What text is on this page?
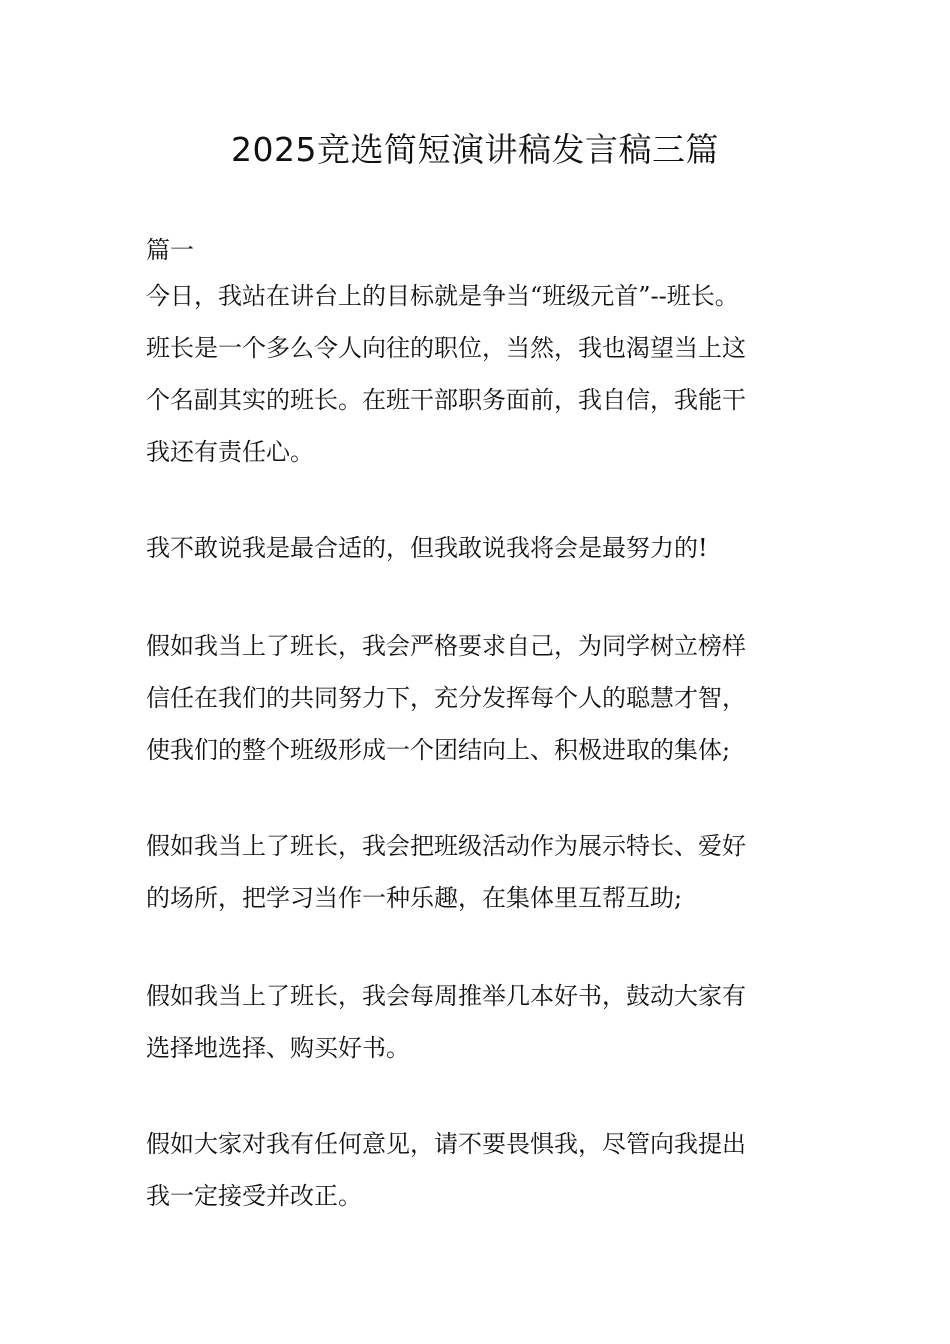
2025竞选简短演讲稿发言稿三篇
篇一
今日，我站在讲台上的目标就是争当“班级元首”--班长。
班长是一个多么令人向往的职位，当然，我也渴望当上这
个名副其实的班长。在班干部职务面前，我自信，我能干
我还有责任心。
我不敢说我是最合适的，但我敢说我将会是最努力的!
假如我当上了班长，我会严格要求自己，为同学树立榜样
信任在我们的共同努力下，充分发挥每个人的聪慧才智，
使我们的整个班级形成一个团结向上、积极进取的集体;
假如我当上了班长，我会把班级活动作为展示特长、爱好
的场所，把学习当作一种乐趣，在集体里互帮互助;
假如我当上了班长，我会每周推举几本好书，鼓动大家有
选择地选择、购买好书。
假如大家对我有任何意见，请不要畏惧我，尽管向我提出
我一定接受并改正。
